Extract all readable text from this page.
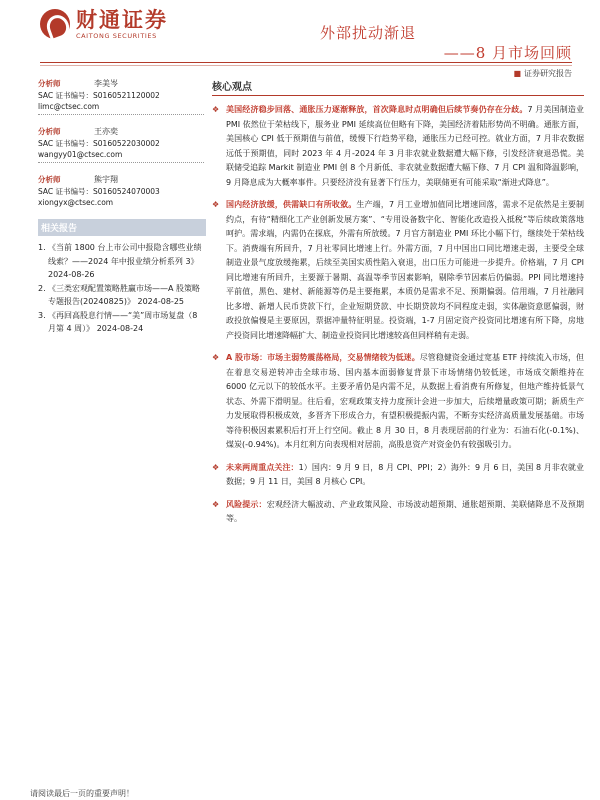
财通证券
CAITONG SECURITIES	外部扰动渐退
——8 月市场回顾
■ 证券研究报告
分析师	李美岑
SAC 证书编号：S0160521120002
limc@ctsec.com
分析师	王亦奕
SAC 证书编号：S0160522030002
wangyy01@ctsec.com
分析师	熊宇翔
SAC 证书编号：S0160524070003
xiongyx@ctsec.com
相关报告
1. 《当前 1800 台上市公司中报隐含哪些业绩线索？——2024 年中报业绩分析系列 3》 2024-08-26
2. 《三类宏观配置策略胜赢市场——A 股策略专题报告(20240825)》 2024-08-25
3. 《再回高股息行情——“美”周市场复盘（8 月第 4 周）》 2024-08-24
核心观点
❖ 美国经济稳步回落、通胀压力逐渐释放，首次降息时点明确但后续节奏仍存在分歧。7 月美国制造业 PMI 依然位于荣枯线下，服务业 PMI 延续高位但略有下降，美国经济着陆形势尚不明确。通胀方面，美国核心 CPI 低于预期值与前值，缓慢下行趋势平稳，通胀压力已经可控。就业方面，7 月非农数据远低于预期值，同时 2023 年 4 月-2024 年 3 月非农就业数据遭大幅下修，引发经济衰退恐慌。美联储受追踪 Markit 制造业 PMI 创 8 个月新低、非农就业数据遭大幅下修、7 月 CPI 温和降温影响，9 月降息成为大概率事件。只要经济没有显著下行压力，美联储更有可能采取“渐进式降息”。
❖ 国内经济放缓，供需缺口有所收敛。生产端，7 月工业增加值同比增速回落，需求不足依然是主要制约点，有待“精细化工产业创新发展方案”、“专用设备数字化、智能化改造投入抵税”等后续政策落地呵护。需求端，内需仍在探底，外需有所放缓。7 月官方制造业 PMI 环比小幅下行，继续处于荣枯线下。消费端有所回升，7 月社零同比增速上行。外需方面，7 月中国出口同比增速走弱，主要受全球制造业景气度放缓拖累，后续至美国实质性陷入衰退，出口压力可能进一步提升。价格端，7 月 CPI 同比增速有所回升，主要源于暑期、高温等季节因素影响，剔除季节因素后仍偏弱。PPI 同比增速持平前值，黑色、建材、新能源等仍是主要拖累，本质仍是需求不足、预期偏弱。信用端，7 月社融同比多增、新增人民币贷款下行，企业短期贷款、中长期贷款均不同程度走弱，实体融资意愿偏弱，财政投放偏慢是主要原因，票据冲量特征明显。投资端，1-7 月固定资产投资同比增速有所下降，房地产投资同比增速降幅扩大、制造业投资同比增速较高但同样稍有走弱。
❖ A 股市场：市场主弱势震荡格局，交易情绪较为低迷。尽管稳健资金通过宽基 ETF 持续流入市场，但在着息交易逆转冲击全球市场、国内基本面弱修复背景下市场情绪仍较低迷，市场成交额维持在 6000 亿元以下的较低水平。主要矛盾仍是内需不足，从数据上看消费有所修复，但地产维持低景气状态、外需下滑明显。往后看，宏观政策支持力度预计会进一步加大，后续增量政策可期；新质生产力发展取得积极成效，多晋齐下形成合力，有望积极提振内需，不断夯实经济高质量发展基础。市场等待积极因素累积后打开上行空间。截止 8 月 30 日，8 月表现居前的行业为：石油石化(-0.1%)、煤炭(-0.94%)。本月红利方向表现相对居前，高股息资产对资金仍有较强吸引力。
❖ 未来两周重点关注：1）国内：9 月 9 日，8 月 CPI、PPI；2）海外：9 月 6 日，美国 8 月非农就业数据；9 月 11 日，美国 8 月核心 CPI。
❖ 风险提示：宏观经济大幅波动、产业政策风险、市场波动超预期、通胀超预期、美联储降息不及预期等。
请阅读最后一页的重要声明！
